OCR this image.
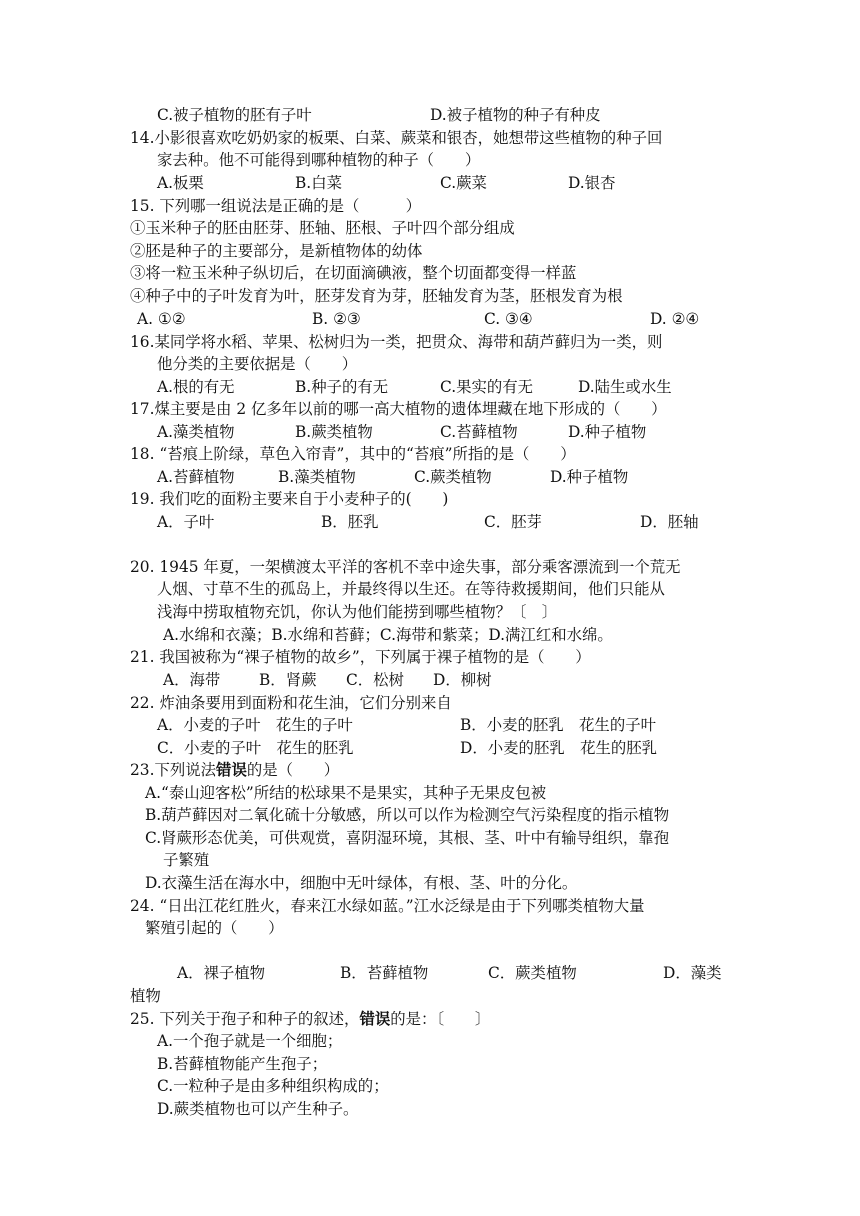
C.被子植物的胚有子叶	D.被子植物的种子有种皮
14.小影很喜欢吃奶奶家的板栗、白菜、蕨菜和银杏，她想带这些植物的种子回
家去种。他不可能得到哪种植物的种子（　　）
A.板栗	B.白菜	C.蕨菜	D.银杏
15. 下列哪一组说法是正确的是（　　　）
①玉米种子的胚由胚芽、胚轴、胚根、子叶四个部分组成
②胚是种子的主要部分，是新植物体的幼体
③将一粒玉米种子纵切后，在切面滴碘液，整个切面都变得一样蓝
④种子中的子叶发育为叶，胚芽发育为芽，胚轴发育为茎，胚根发育为根
A. ①②	B. ②③	C. ③④	D. ②④
16.某同学将水稻、苹果、松树归为一类，把贯众、海带和葫芦藓归为一类，则
他分类的主要依据是（　　）
A.根的有无	B.种子的有无	C.果实的有无	D.陆生或水生
17.煤主要是由 2 亿多年以前的哪一高大植物的遗体埋藏在地下形成的（　　）
A.藻类植物	B.蕨类植物	C.苔藓植物	D.种子植物
18. “苔痕上阶绿，草色入帘青”，其中的“苔痕”所指的是（　　）
A.苔藓植物	B.藻类植物	C.蕨类植物	D.种子植物
19. 我们吃的面粉主要来自于小麦种子的(　　)
A．子叶	B．胚乳	C．胚芽	D．胚轴
20. 1945 年夏，一架横渡太平洋的客机不幸中途失事，部分乘客漂流到一个荒无
人烟、寸草不生的孤岛上，并最终得以生还。在等待救援期间，他们只能从
浅海中捞取植物充饥，你认为他们能捞到哪些植物？〔　〕
A.水绵和衣藻；B.水绵和苔藓；C.海带和紫菜；D.满江红和水绵。
21. 我国被称为“裸子植物的故乡”，下列属于裸子植物的是（　　）
A．海带	B．肾蕨 C．松树 D．柳树
22. 炸油条要用到面粉和花生油，它们分别来自
A．小麦的子叶　花生的子叶	B．小麦的胚乳　花生的子叶
C．小麦的子叶　花生的胚乳	D．小麦的胚乳　花生的胚乳
23.下列说法错误的是（　　）
A.“泰山迎客松”所结的松球果不是果实，其种子无果皮包被
B.葫芦藓因对二氧化硫十分敏感，所以可以作为检测空气污染程度的指示植物
C.肾蕨形态优美，可供观赏，喜阴湿环境，其根、茎、叶中有输导组织，靠孢
子繁殖
D.衣藻生活在海水中，细胞中无叶绿体，有根、茎、叶的分化。
24. “日出江花红胜火，春来江水绿如蓝。”江水泛绿是由于下列哪类植物大量
繁殖引起的（　　）
A．裸子植物	B．苔藓植物	C．蕨类植物	D．藻类
植物
25. 下列关于孢子和种子的叙述，错误的是：〔　　〕
A.一个孢子就是一个细胞；
B.苔藓植物能产生孢子；
C.一粒种子是由多种组织构成的；
D.蕨类植物也可以产生种子。
